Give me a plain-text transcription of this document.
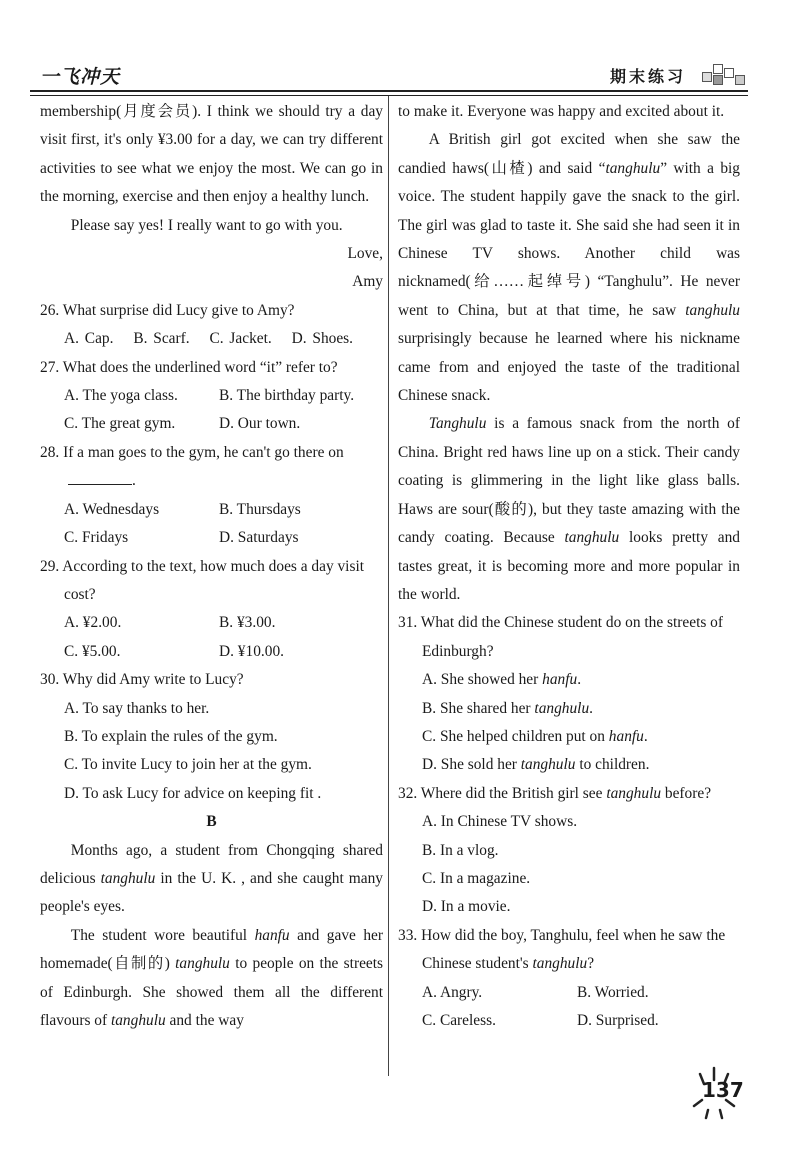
一飞冲天	期末练习

membership(月度会员). I think we should try a day visit first, it's only ¥3.00 for a day, we can try different activities to see what we enjoy the most. We can go in the morning, exercise and then enjoy a healthy lunch.

Please say yes! I really want to go with you.

Love,

Amy

26. What surprise did Lucy give to Amy?

A. Cap. B. Scarf. C. Jacket. D. Shoes.

27. What does the underlined word “it” refer to?

A. The yoga class.	B. The birthday party.
C. The great gym.	D. Our town.

28. If a man goes to the gym, he can't go there on.

A. Wednesdays	B. Thursdays
C. Fridays	D. Saturdays

29. According to the text, how much does a day visit cost?

A. ¥2.00.	B. ¥3.00.
C. ¥5.00.	D. ¥10.00.

30. Why did Amy write to Lucy?

A. To say thanks to her.

B. To explain the rules of the gym.

C. To invite Lucy to join her at the gym.

D. To ask Lucy for advice on keeping fit .

B

Months ago, a student from Chongqing shared delicious tanghulu in the U. K. , and she caught many people's eyes.

The student wore beautiful hanfu and gave her homemade(自制的) tanghulu to people on the streets of Edinburgh. She showed them all the different flavours of tanghulu and the way

to make it. Everyone was happy and excited about it.

A British girl got excited when she saw the candied haws(山楂) and said “tanghulu” with a big voice. The student happily gave the snack to the girl. The girl was glad to taste it. She said she had seen it in Chinese TV shows. Another child was nicknamed(给……起绰号) “Tanghulu”. He never went to China, but at that time, he saw tanghulu surprisingly because he learned where his nickname came from and enjoyed the taste of the traditional Chinese snack.

Tanghulu is a famous snack from the north of China. Bright red haws line up on a stick. Their candy coating is glimmering in the light like glass balls. Haws are sour(酸的), but they taste amazing with the candy coating. Because tanghulu looks pretty and tastes great, it is becoming more and more popular in the world.

31. What did the Chinese student do on the streets of Edinburgh?

A. She showed her hanfu.

B. She shared her tanghulu.

C. She helped children put on hanfu.

D. She sold her tanghulu to children.

32. Where did the British girl see tanghulu before?

A. In Chinese TV shows.

B. In a vlog.

C. In a magazine.

D. In a movie.

33. How did the boy, Tanghulu, feel when he saw the Chinese student's tanghulu?

A. Angry.	B. Worried.
C. Careless.	D. Surprised.
137
